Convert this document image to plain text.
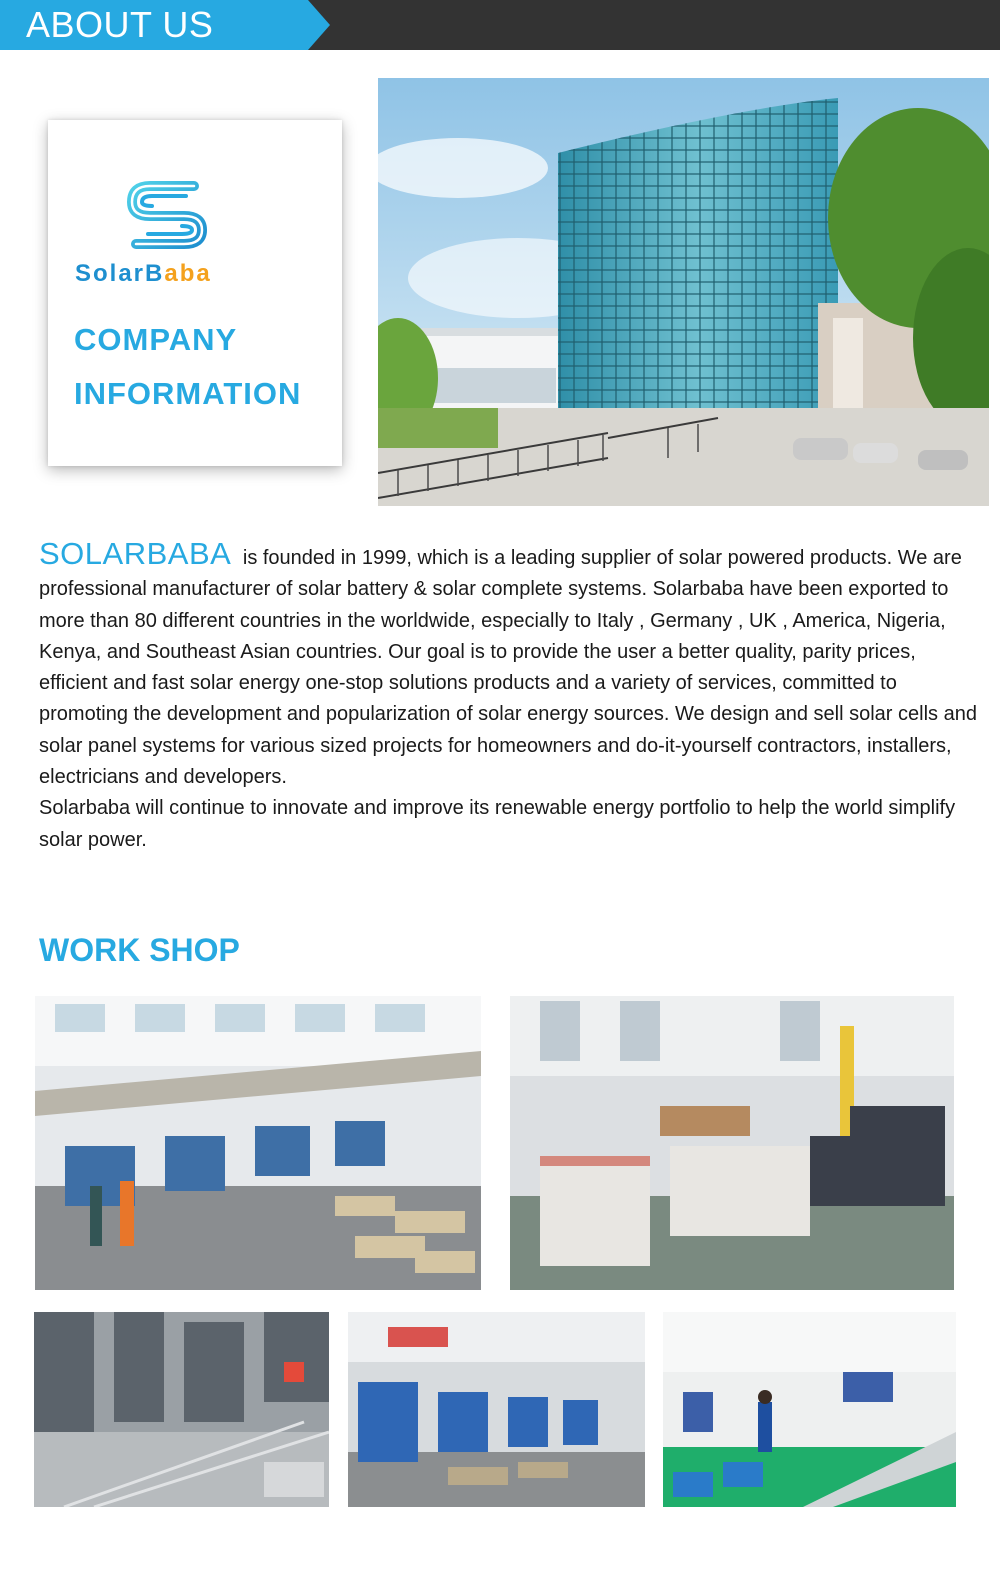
ABOUT US
SolarBaba
COMPANY
INFORMATION
SOLARBABA is founded in 1999, which is a leading supplier of solar powered products. We are professional manufacturer of solar battery & solar complete systems. Solarbaba have been exported to more than 80 different countries in the worldwide, especially to Italy , Germany , UK , America, Nigeria, Kenya, and Southeast Asian countries. Our goal is to provide the user a better quality, parity prices, efficient and fast solar energy one-stop solutions products and a variety of services, committed to promoting the development and popularization of solar energy sources. We design and sell solar cells and solar panel systems for various sized projects for homeowners and do-it-yourself contractors, installers, electricians and developers.
Solarbaba will continue to innovate and improve its renewable energy portfolio to help the world simplify solar power.
WORK SHOP
